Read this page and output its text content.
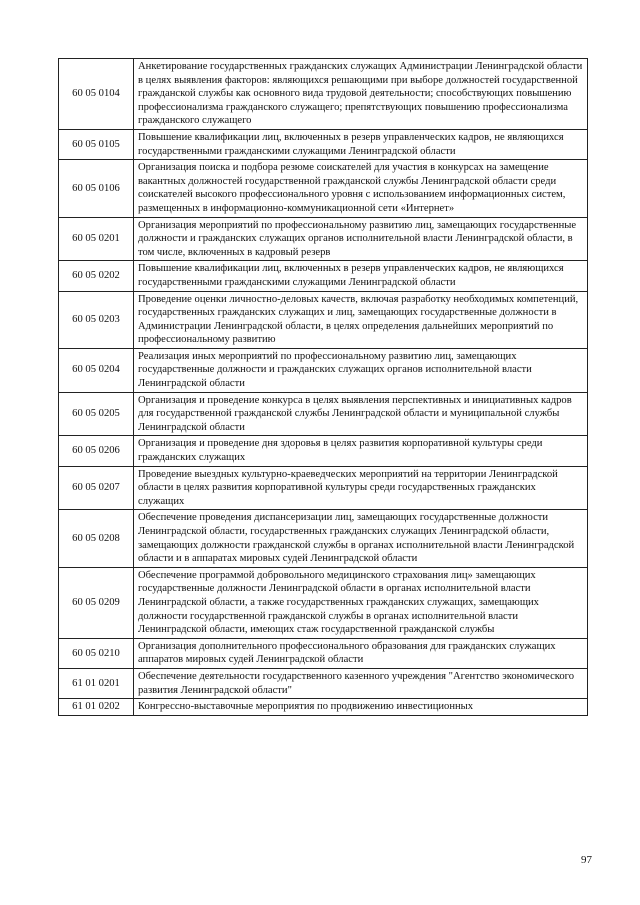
60 05 0104	Анкетирование государственных гражданских служащих Администрации Ленинградской области в целях выявления факторов: являющихся решающими при выборе должностей государственной гражданской службы как основного вида трудовой деятельности; способствующих повышению профессионализма гражданского служащего; препятствующих повышению профессионализма гражданского служащего
60 05 0105	Повышение квалификации лиц, включенных в резерв управленческих кадров, не являющихся государственными гражданскими служащими Ленинградской области
60 05 0106	Организация поиска и подбора резюме соискателей для участия в конкурсах на замещение вакантных должностей государственной гражданской службы Ленинградской области среди соискателей высокого профессионального уровня с использованием информационных систем, размещенных в информационно-коммуникационной сети «Интернет»
60 05 0201	Организация мероприятий по профессиональному развитию лиц, замещающих государственные должности и гражданских служащих органов исполнительной власти Ленинградской области, в том числе, включенных в кадровый резерв
60 05 0202	Повышение квалификации лиц, включенных в резерв управленческих кадров, не являющихся государственными гражданскими служащими Ленинградской области
60 05 0203	Проведение оценки личностно-деловых качеств, включая разработку необходимых компетенций, государственных гражданских служащих и лиц, замещающих государственные должности в Администрации Ленинградской области, в целях определения дальнейших мероприятий по профессиональному развитию
60 05 0204	Реализация иных мероприятий по профессиональному развитию лиц, замещающих государственные должности и гражданских служащих органов исполнительной власти Ленинградской области
60 05 0205	Организация и проведение конкурса в целях выявления перспективных и инициативных кадров для государственной гражданской службы Ленинградской области и муниципальной службы Ленинградской области
60 05 0206	Организация и проведение дня здоровья в целях развития корпоративной культуры среди гражданских служащих
60 05 0207	Проведение выездных культурно-краеведческих мероприятий на территории Ленинградской области в целях развития корпоративной культуры среди государственных гражданских служащих
60 05 0208	Обеспечение проведения диспансеризации лиц, замещающих государственные должности Ленинградской области, государственных гражданских служащих Ленинградской области, замещающих должности гражданской службы в органах исполнительной власти Ленинградской области и в аппаратах мировых судей Ленинградской области
60 05 0209	Обеспечение программой добровольного медицинского страхования лиц» замещающих государственные должности Ленинградской области в органах исполнительной власти Ленинградской области, а также государственных гражданских служащих, замещающих должности государственной гражданской службы в органах исполнительной власти Ленинградской области, имеющих стаж государственной гражданской службы
60 05 0210	Организация дополнительного профессионального образования для гражданских служащих аппаратов мировых судей Ленинградской области
61 01 0201	Обеспечение деятельности государственного казенного учреждения "Агентство экономического развития Ленинградской области"
61 01 0202	Конгрессно-выставочные мероприятия по продвижению инвестиционных
97
